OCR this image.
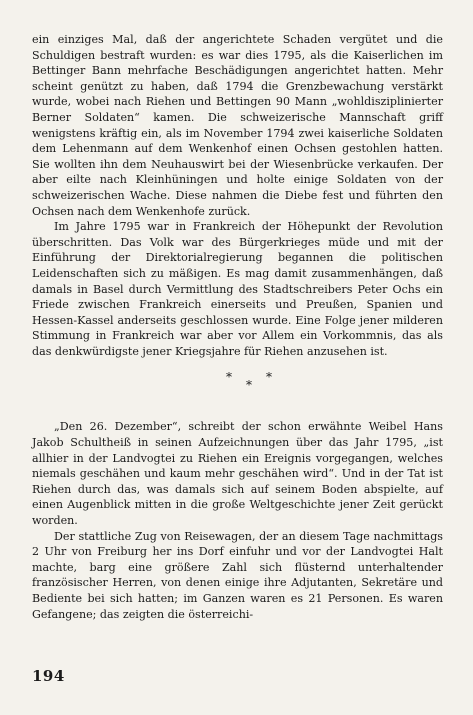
ein einziges Mal, daß der angerichtete Schaden vergütet und die Schuldigen bestraft wurden: es war dies 1795, als die Kaiserlichen im Bettinger Bann mehrfache Beschädigungen angerichtet hatten. Mehr scheint genützt zu haben, daß 1794 die Grenzbewachung verstärkt wurde, wobei nach Riehen und Bettingen 90 Mann „wohldisziplinierter Berner Soldaten“ kamen. Die schweizerische Mannschaft griff wenigstens kräftig ein, als im November 1794 zwei kaiserliche Soldaten dem Lehenmann auf dem Wenkenhof einen Ochsen gestohlen hatten. Sie wollten ihn dem Neuhauswirt bei der Wiesenbrücke verkaufen. Der aber eilte nach Kleinhüningen und holte einige Soldaten von der schweizerischen Wache. Diese nahmen die Diebe fest und führten den Ochsen nach dem Wenkenhofe zurück.

Im Jahre 1795 war in Frankreich der Höhepunkt der Revolution überschritten. Das Volk war des Bürgerkrieges müde und mit der Einführung der Direktorialregierung begannen die politischen Leidenschaften sich zu mäßigen. Es mag damit zusammenhängen, daß damals in Basel durch Vermittlung des Stadtschreibers Peter Ochs ein Friede zwischen Frankreich einerseits und Preußen, Spanien und Hessen-Kassel anderseits geschlossen wurde. Eine Folge jener milderen Stimmung in Frankreich war aber vor Allem ein Vorkommnis, das als das denkwürdigste jener Kriegsjahre für Riehen anzusehen ist.

*
*
*

„Den 26. Dezember“, schreibt der schon erwähnte Weibel Hans Jakob Schultheiß in seinen Aufzeichnungen über das Jahr 1795, „ist allhier in der Landvogtei zu Riehen ein Ereignis vorgegangen, welches niemals geschähen und kaum mehr geschähen wird“. Und in der Tat ist Riehen durch das, was damals sich auf seinem Boden abspielte, auf einen Augenblick mitten in die große Weltgeschichte jener Zeit gerückt worden.

Der stattliche Zug von Reisewagen, der an diesem Tage nachmittags 2 Uhr von Freiburg her ins Dorf einfuhr und vor der Landvogtei Halt machte, barg eine größere Zahl sich flüsternd unterhaltender französischer Herren, von denen einige ihre Adjutanten, Sekretäre und Bediente bei sich hatten; im Ganzen waren es 21 Personen. Es waren Gefangene; das zeigten die österreichi-

194
